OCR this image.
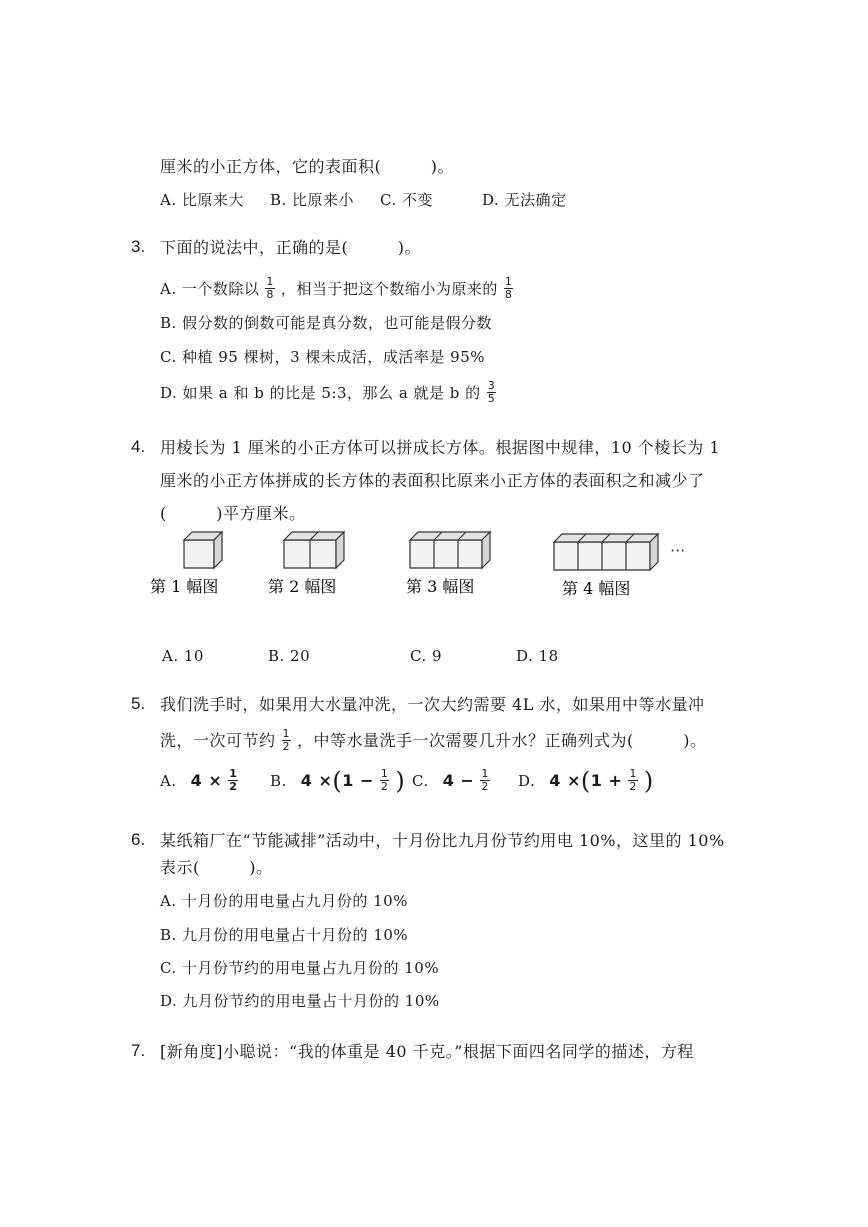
厘米的小正方体，它的表面积(　　　)。
A. 比原来大 B. 比原来小 C. 不变	D. 无法确定
3. 下面的说法中，正确的是(　　　)。
A. 一个数除以 $\frac{1}{8}$ ，相当于把这个数缩小为原来的 $\frac{1}{8}$
B. 假分数的倒数可能是真分数，也可能是假分数
C. 种植 95 棵树，3 棵未成活，成活率是 95%
D. 如果 a 和 b 的比是 5:3，那么 a 就是 b 的 $\frac{3}{5}$
4. 用棱长为 1 厘米的小正方体可以拼成长方体。根据图中规律，10 个棱长为 1
厘米的小正方体拼成的长方体的表面积比原来小正方体的表面积之和减少了
(　　　)平方厘米。
···
第 1 幅图	第 2 幅图	第 3 幅图	第 4 幅图
A. 10	B. 20	C. 9	D. 18
5. 我们洗手时，如果用大水量冲洗，一次大约需要 4L 水，如果用中等水量冲
洗，一次可节约 $\frac{1}{2}$ ，中等水量洗手一次需要几升水？正确列式为(　　　)。
A. $4 \times \frac{1}{2} B$. 4 × ( $1 - \frac{1}{2}$ ) C. $4 - \frac{1}{2} D$. 4 × ( $1 + \frac{1}{2}$ )
6. 某纸箱厂在“节能减排”活动中，十月份比九月份节约用电 10%，这里的 10%
表示(　　　)。
A. 十月份的用电量占九月份的 10%
B. 九月份的用电量占十月份的 10%
C. 十月份节约的用电量占九月份的 10%
D. 九月份节约的用电量占十月份的 10%
7. [新角度]小聪说：“我的体重是 40 千克。”根据下面四名同学的描述，方程
